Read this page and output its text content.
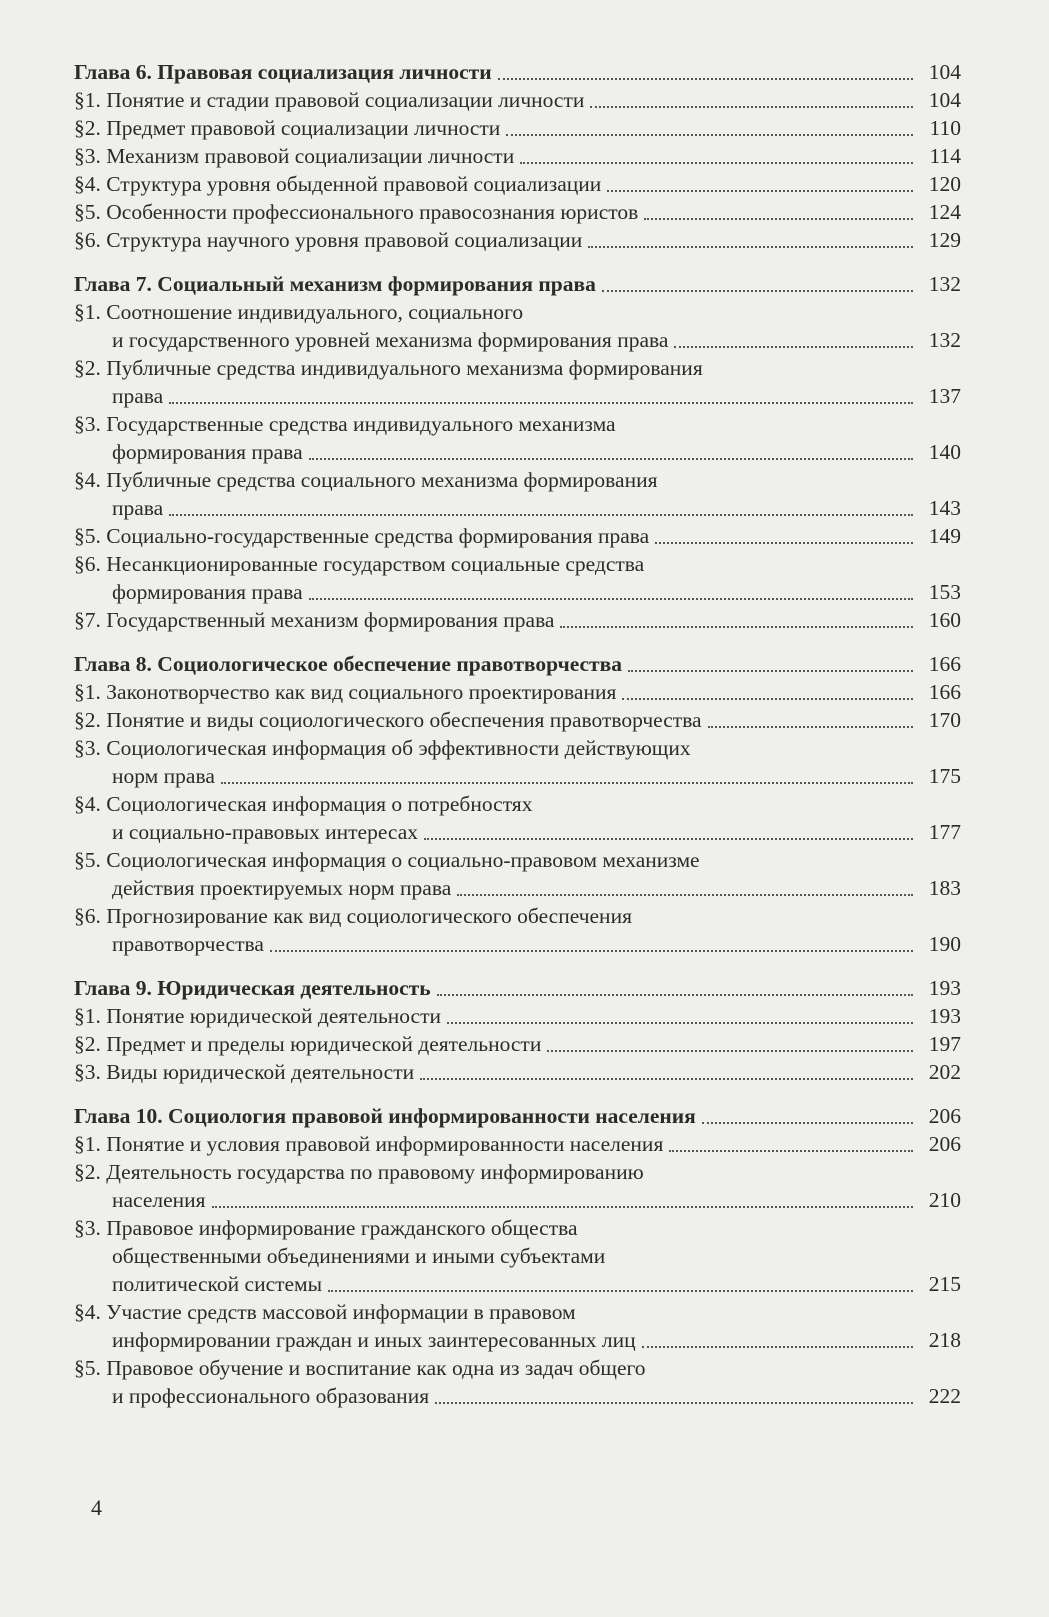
Глава 6. Правовая социализация личности	104
§1. Понятие и стадии правовой социализации личности	104
§2. Предмет правовой социализации личности	110
§3. Механизм правовой социализации личности	114
§4. Структура уровня обыденной правовой социализации	120
§5. Особенности профессионального правосознания юристов	124
§6. Структура научного уровня правовой социализации	129
Глава 7. Социальный механизм формирования права	132
§1. Соотношение индивидуального, социального
и государственного уровней механизма формирования права	132
§2. Публичные средства индивидуального механизма формирования
права	137
§3. Государственные средства индивидуального механизма
формирования права	140
§4. Публичные средства социального механизма формирования
права	143
§5. Социально-государственные средства формирования права	149
§6. Несанкционированные государством социальные средства
формирования права	153
§7. Государственный механизм формирования права	160
Глава 8. Социологическое обеспечение правотворчества	166
§1. Законотворчество как вид социального проектирования	166
§2. Понятие и виды социологического обеспечения правотворчества	170
§3. Социологическая информация об эффективности действующих
норм права	175
§4. Социологическая информация о потребностях
и социально-правовых интересах	177
§5. Социологическая информация о социально-правовом механизме
действия проектируемых норм права	183
§6. Прогнозирование как вид социологического обеспечения
правотворчества	190
Глава 9. Юридическая деятельность	193
§1. Понятие юридической деятельности	193
§2. Предмет и пределы юридической деятельности	197
§3. Виды юридической деятельности	202
Глава 10. Социология правовой информированности населения	206
§1. Понятие и условия правовой информированности населения	206
§2. Деятельность государства по правовому информированию
населения	210
§3. Правовое информирование гражданского общества
общественными объединениями и иными субъектами
политической системы	215
§4. Участие средств массовой информации в правовом
информировании граждан и иных заинтересованных лиц	218
§5. Правовое обучение и воспитание как одна из задач общего
и профессионального образования	222
4
